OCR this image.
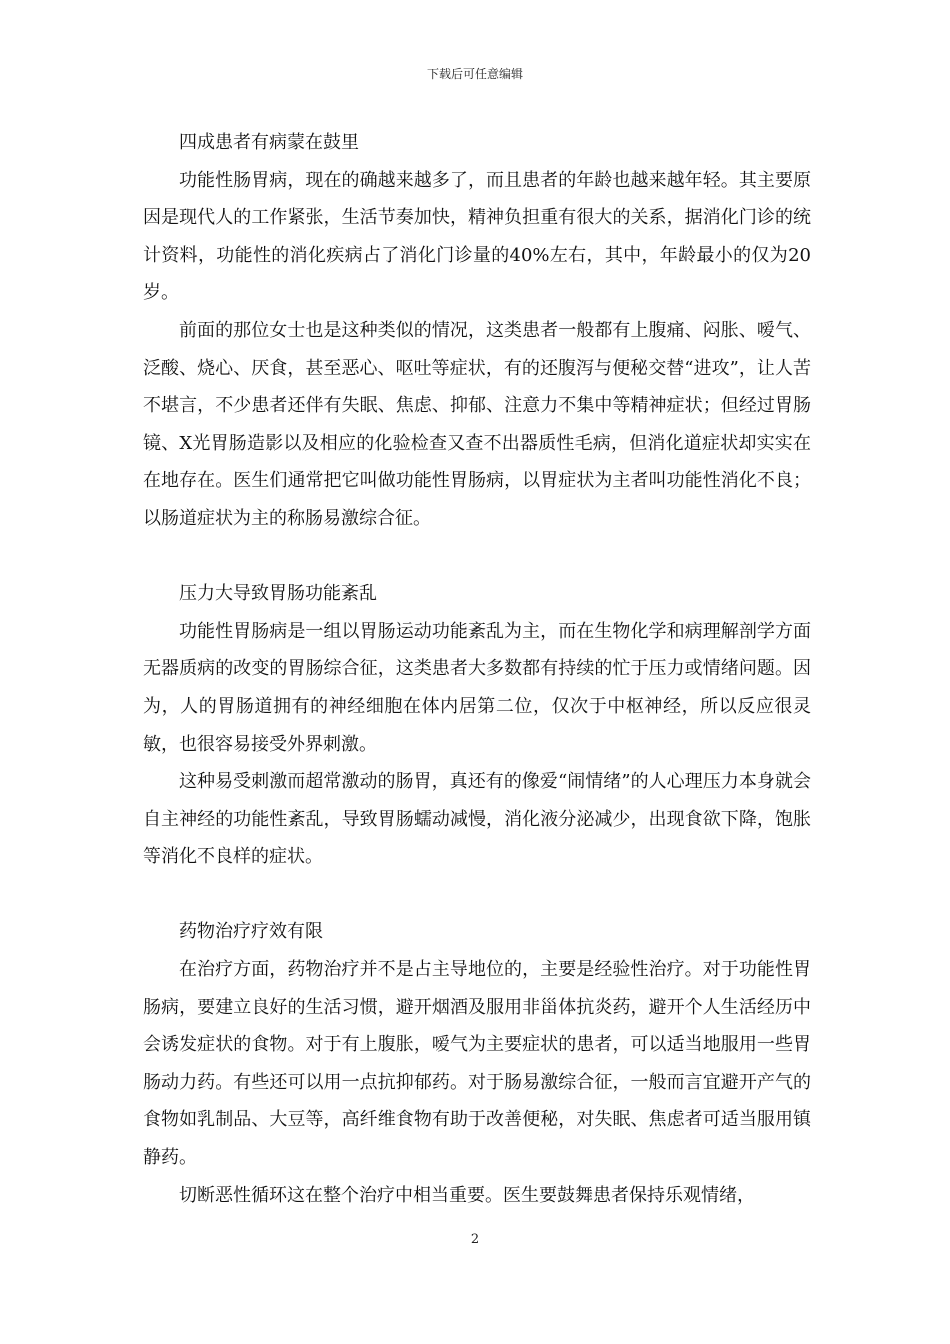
下载后可任意编辑

四成患者有病蒙在鼓里

功能性肠胃病，现在的确越来越多了，而且患者的年龄也越来越年轻。其主要原因是现代人的工作紧张，生活节奏加快，精神负担重有很大的关系，据消化门诊的统计资料，功能性的消化疾病占了消化门诊量的40%左右，其中，年龄最小的仅为20岁。

前面的那位女士也是这种类似的情况，这类患者一般都有上腹痛、闷胀、嗳气、泛酸、烧心、厌食，甚至恶心、呕吐等症状，有的还腹泻与便秘交替“进攻”，让人苦不堪言，不少患者还伴有失眠、焦虑、抑郁、注意力不集中等精神症状；但经过胃肠镜、X光胃肠造影以及相应的化验检查又查不出器质性毛病，但消化道症状却实实在在地存在。医生们通常把它叫做功能性胃肠病，以胃症状为主者叫功能性消化不良；以肠道症状为主的称肠易激综合征。

压力大导致胃肠功能紊乱

功能性胃肠病是一组以胃肠运动功能紊乱为主，而在生物化学和病理解剖学方面无器质病的改变的胃肠综合征，这类患者大多数都有持续的忙于压力或情绪问题。因为，人的胃肠道拥有的神经细胞在体内居第二位，仅次于中枢神经，所以反应很灵敏，也很容易接受外界刺激。

这种易受刺激而超常激动的肠胃，真还有的像爱“闹情绪”的人心理压力本身就会自主神经的功能性紊乱，导致胃肠蠕动减慢，消化液分泌减少，出现食欲下降，饱胀等消化不良样的症状。

药物治疗疗效有限

在治疗方面，药物治疗并不是占主导地位的，主要是经验性治疗。对于功能性胃肠病，要建立良好的生活习惯，避开烟酒及服用非甾体抗炎药，避开个人生活经历中会诱发症状的食物。对于有上腹胀，嗳气为主要症状的患者，可以适当地服用一些胃肠动力药。有些还可以用一点抗抑郁药。对于肠易激综合征，一般而言宜避开产气的食物如乳制品、大豆等，高纤维食物有助于改善便秘，对失眠、焦虑者可适当服用镇静药。

切断恶性循环这在整个治疗中相当重要。医生要鼓舞患者保持乐观情绪，

2
